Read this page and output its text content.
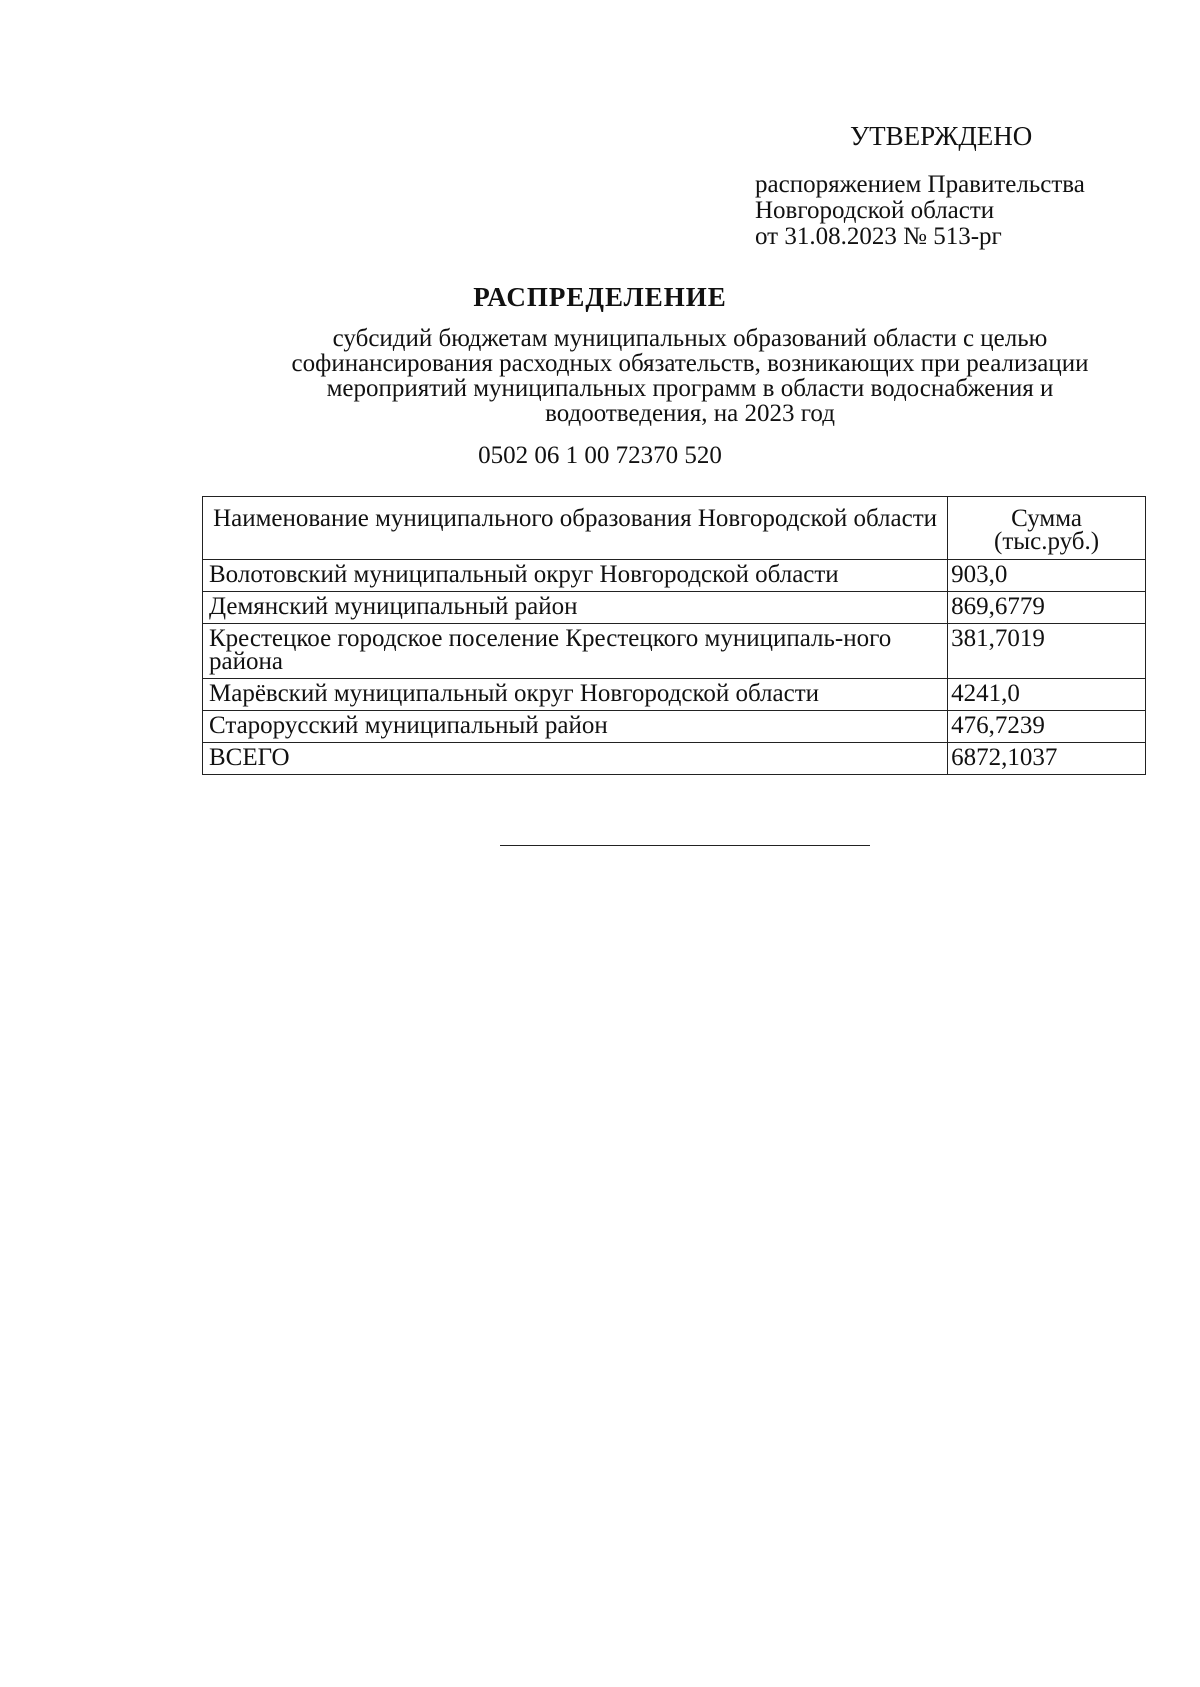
УТВЕРЖДЕНО
распоряжением Правительства
Новгородской области
от 31.08.2023 № 513-рг
РАСПРЕДЕЛЕНИЕ
субсидий бюджетам муниципальных образований области с целью
софинансирования расходных обязательств, возникающих при реализации
мероприятий муниципальных программ в области водоснабжения и
водоотведения, на 2023 год
0502 06 1 00 72370 520
Наименование муниципального образования Новгородской области	Сумма
(тыс.руб.)

Волотовский муниципальный округ Новгородской области	903,0
Демянский муниципальный район	869,6779
Крестецкое городское поселение Крестецкого муниципаль-ного района	381,7019
Марёвский муниципальный округ Новгородской области	4241,0
Старорусский муниципальный район	476,7239
ВСЕГО	6872,1037
